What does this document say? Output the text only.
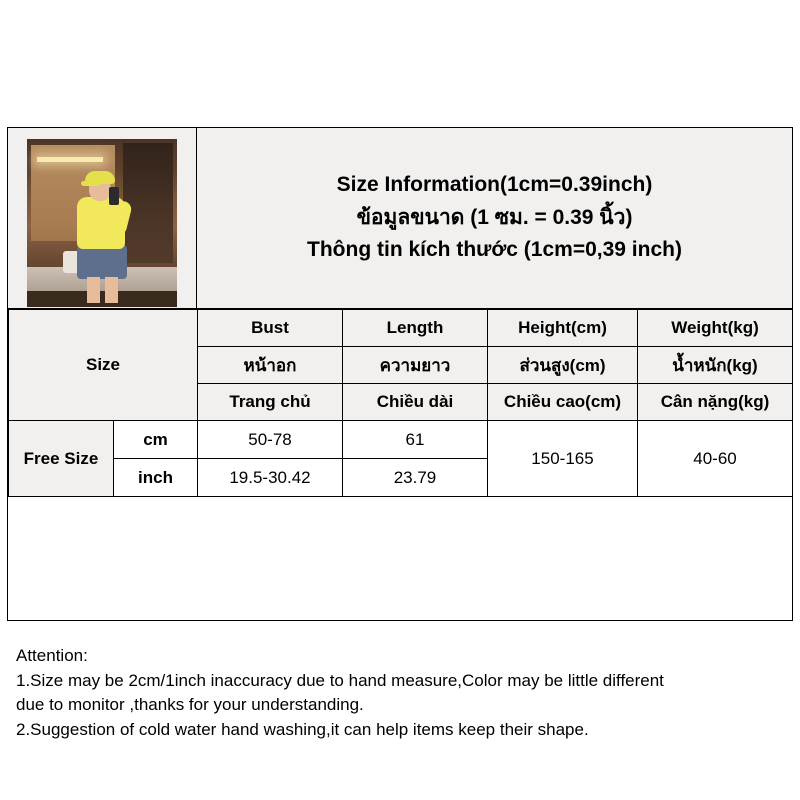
Size Information(1cm=0.39inch)
ข้อมูลขนาด (1 ซม. = 0.39 นิ้ว)
Thông tin kích thước (1cm=0,39 inch)
Size		Bust	Length	Height(cm)	Weight(kg)
		หน้าอก	ความยาว	ส่วนสูง(cm)	น้ำหนัก(kg)
		Trang chủ	Chiều dài	Chiều cao(cm)	Cân nặng(kg)
Free Size	cm	50-78	61	150-165	40-60
	inch	19.5-30.42	23.79		
Attention:
1.Size may be 2cm/1inch inaccuracy due to hand measure,Color may be little different
due to monitor ,thanks for your understanding.
2.Suggestion of cold water hand washing,it can help items keep their shape.
